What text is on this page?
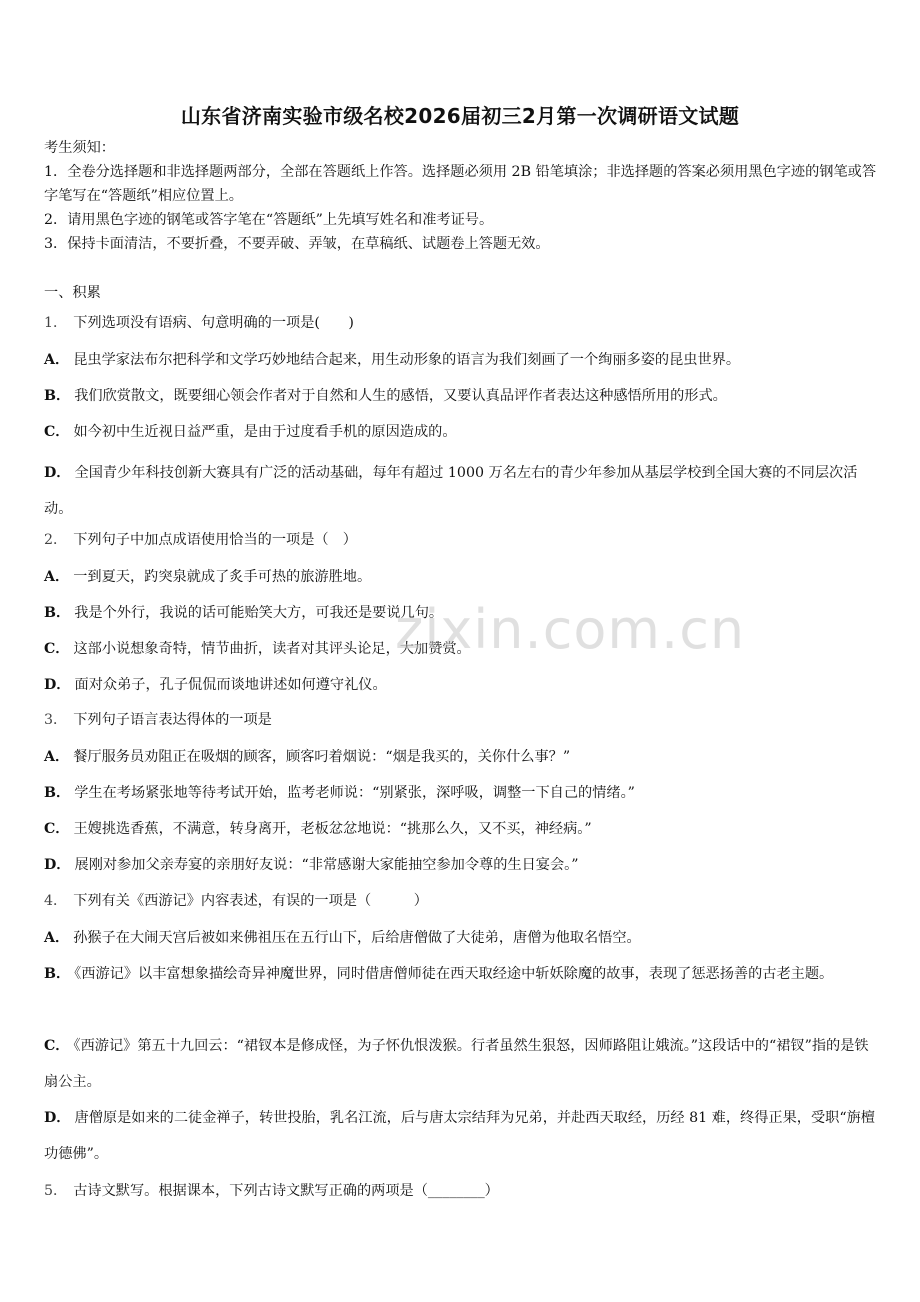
山东省济南实验市级名校2026届初三2月第一次调研语文试题
考生须知：
1．全卷分选择题和非选择题两部分，全部在答题纸上作答。选择题必须用 2B 铅笔填涂；非选择题的答案必须用黑色字迹的钢笔或答字笔写在“答题纸”相应位置上。
2．请用黑色字迹的钢笔或答字笔在“答题纸”上先填写姓名和准考证号。
3．保持卡面清洁，不要折叠，不要弄破、弄皱，在草稿纸、试题卷上答题无效。
一、积累
1． 下列选项没有语病、句意明确的一项是(　　)
A． 昆虫学家法布尔把科学和文学巧妙地结合起来，用生动形象的语言为我们刻画了一个绚丽多姿的昆虫世界。
B． 我们欣赏散文，既要细心领会作者对于自然和人生的感悟，又要认真品评作者表达这种感悟所用的形式。
C． 如今初中生近视日益严重，是由于过度看手机的原因造成的。
D． 全国青少年科技创新大赛具有广泛的活动基础，每年有超过 1000 万名左右的青少年参加从基层学校到全国大赛的不同层次活动。
2． 下列句子中加点成语使用恰当的一项是（　）
A． 一到夏天，趵突泉就成了炙手可热的旅游胜地。
B． 我是个外行，我说的话可能贻笑大方，可我还是要说几句。
C． 这部小说想象奇特，情节曲折，读者对其评头论足，大加赞赏。
D． 面对众弟子，孔子侃侃而谈地讲述如何遵守礼仪。
3． 下列句子语言表达得体的一项是
A． 餐厅服务员劝阻正在吸烟的顾客，顾客叼着烟说：“烟是我买的，关你什么事？”
B． 学生在考场紧张地等待考试开始，监考老师说：“别紧张，深呼吸，调整一下自己的情绪。”
C． 王嫂挑选香蕉，不满意，转身离开，老板忿忿地说：“挑那么久，又不买，神经病。”
D． 展刚对参加父亲寿宴的亲朋好友说：“非常感谢大家能抽空参加令尊的生日宴会。”
4． 下列有关《西游记》内容表述，有误的一项是（　　　）
A． 孙猴子在大闹天宫后被如来佛祖压在五行山下，后给唐僧做了大徒弟，唐僧为他取名悟空。
B． 《西游记》以丰富想象描绘奇异神魔世界，同时借唐僧师徒在西天取经途中斩妖除魔的故事，表现了惩恶扬善的古老主题。
C． 《西游记》第五十九回云：“裙钗本是修成怪，为子怀仇恨泼猴。行者虽然生狠怒，因师路阻让娥流。”这段话中的“裙钗”指的是铁扇公主。
D． 唐僧原是如来的二徒金禅子，转世投胎，乳名江流，后与唐太宗结拜为兄弟，并赴西天取经，历经 81 难，终得正果，受职“旃檀功德佛”。
5． 古诗文默写。根据课本，下列古诗文默写正确的两项是（________）
zixin.com.cn
